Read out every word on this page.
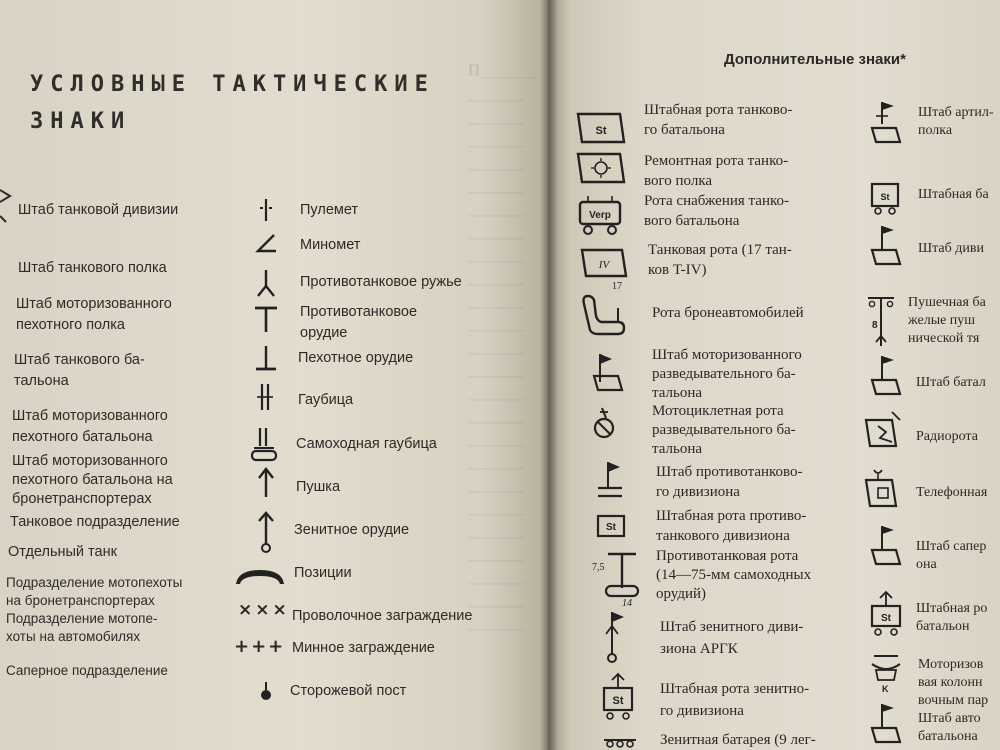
П________
________
________
________
________
________
________
________
________
________
________
________
________
________
________
________
________
________
________
________
________
________
________
________
________
УСЛОВНЫЕ ТАКТИЧЕСКИЕ
ЗНАКИ
Штаб танковой дивизии
Штаб танкового полка
Штаб моторизованного
пехотного полка
Штаб танкового ба-
тальона
Штаб моторизованного
пехотного батальона
Штаб моторизованного
пехотного батальона на
бронетранспортерах
Танковое подразделение
Отдельный танк
Подразделение мотопехоты
на бронетранспортерах
Подразделение мотопе-
хоты на автомобилях
Саперное подразделение
×××
+++
Пулемет
Миномет
Противотанковое ружье
Противотанковое
орудие
Пехотное орудие
Гаубица
Самоходная гаубица
Пушка
Зенитное орудие
Позиции
Проволочное заграждение
Минное заграждение
Сторожевой пост
Дополнительные знаки*
St
Verp
IV
17
St
7,5
14
St
Штабная рота танково-
го батальона
Ремонтная рота танко-
вого полка
Рота снабжения танко-
вого батальона
Танковая рота (17 тан-
ков T-IV)
Рота бронеавтомобилей
Штаб моторизованного
разведывательного ба-
тальона
Мотоциклетная рота
разведывательного ба-
тальона
Штаб противотанково-
го дивизиона
Штабная рота противо-
танкового дивизиона
Противотанковая рота
(14—75-мм самоходных
орудий)
Штаб зенитного диви-
зиона АРГК
Штабная рота зенитно-
го дивизиона
Зенитная батарея (9 лег-
St
8
St
K
Штаб артил-
полка
Штабная ба
Штаб диви
Пушечная ба
желые пуш
нической тя
Штаб батал
Радиорота
Телефонная
Штаб сапер
она
Штабная ро
батальон
Моторизов
вая колонн
вочным пар
Штаб авто
батальона
